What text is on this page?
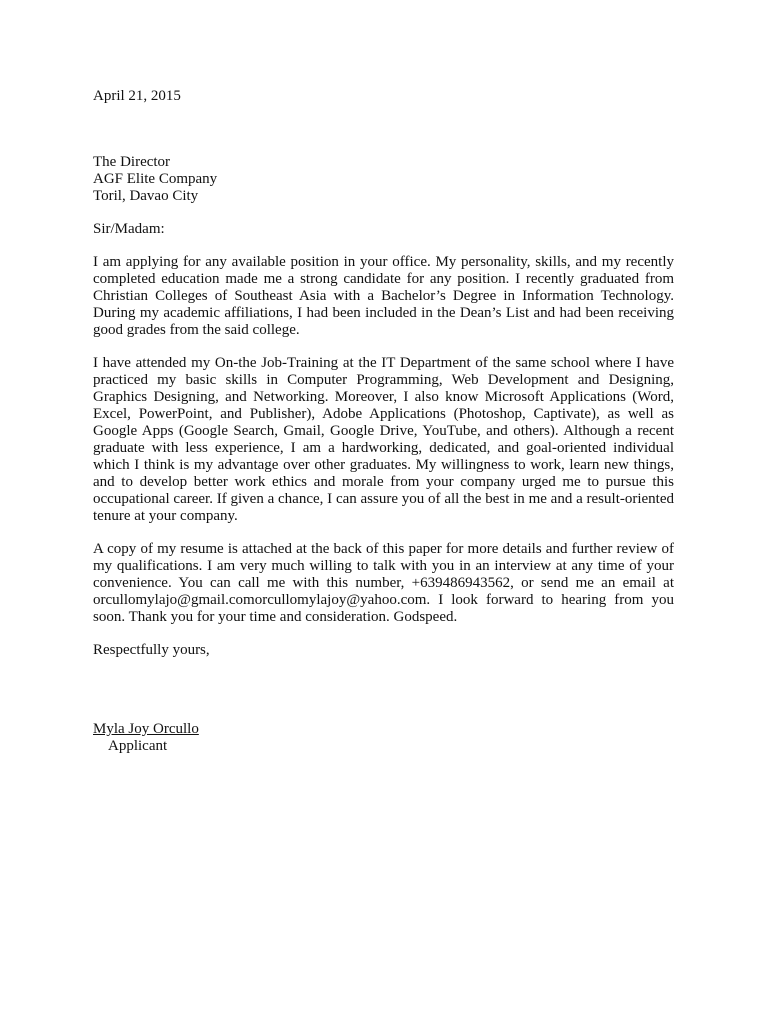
April 21, 2015
The Director
AGF Elite Company
Toril, Davao City
Sir/Madam:

I am applying for any available position in your office. My personality, skills, and my recently completed education made me a strong candidate for any position. I recently graduated from Christian Colleges of Southeast Asia with a Bachelor’s Degree in Information Technology. During my academic affiliations, I had been included in the Dean’s List and had been receiving good grades from the said college.

I have attended my On-the Job-Training at the IT Department of the same school where I have practiced my basic skills in Computer Programming, Web Development and Designing, Graphics Designing, and Networking. Moreover, I also know Microsoft Applications (Word, Excel, PowerPoint, and Publisher), Adobe Applications (Photoshop, Captivate), as well as Google Apps (Google Search, Gmail, Google Drive, YouTube, and others). Although a recent graduate with less experience, I am a hardworking, dedicated, and goal-oriented individual which I think is my advantage over other graduates. My willingness to work, learn new things, and to develop better work ethics and morale from your company urged me to pursue this occupational career. If given a chance, I can assure you of all the best in me and a result-oriented tenure at your company.

A copy of my resume is attached at the back of this paper for more details and further review of my qualifications. I am very much willing to talk with you in an interview at any time of your convenience. You can call me with this number, +639486943562, or send me an email at orcullomylajo@gmail.comorcullomylajoy@yahoo.com. I look forward to hearing from you soon. Thank you for your time and consideration. Godspeed.

Respectfully yours,
Myla Joy Orcullo
Applicant
